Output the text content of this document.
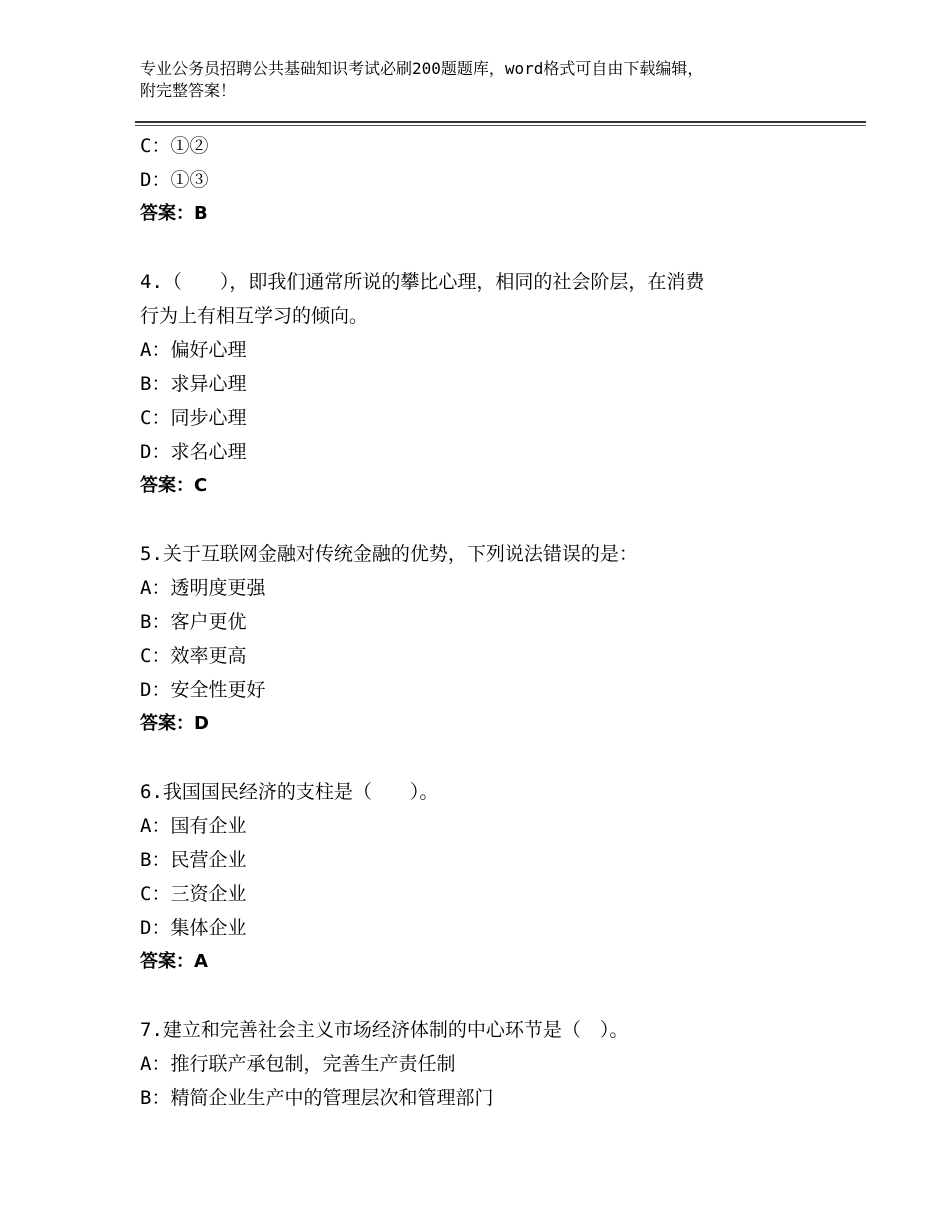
专业公务员招聘公共基础知识考试必刷200题题库，word格式可自由下载编辑，
附完整答案！
C：①②
D：①③
答案：B
4.（　　），即我们通常所说的攀比心理，相同的社会阶层，在消费
行为上有相互学习的倾向。
A：偏好心理
B：求异心理
C：同步心理
D：求名心理
答案：C
5.关于互联网金融对传统金融的优势，下列说法错误的是：
A：透明度更强
B：客户更优
C：效率更高
D：安全性更好
答案：D
6.我国国民经济的支柱是（　　）。
A：国有企业
B：民营企业
C：三资企业
D：集体企业
答案：A
7.建立和完善社会主义市场经济体制的中心环节是（　）。
A：推行联产承包制，完善生产责任制
B：精简企业生产中的管理层次和管理部门
